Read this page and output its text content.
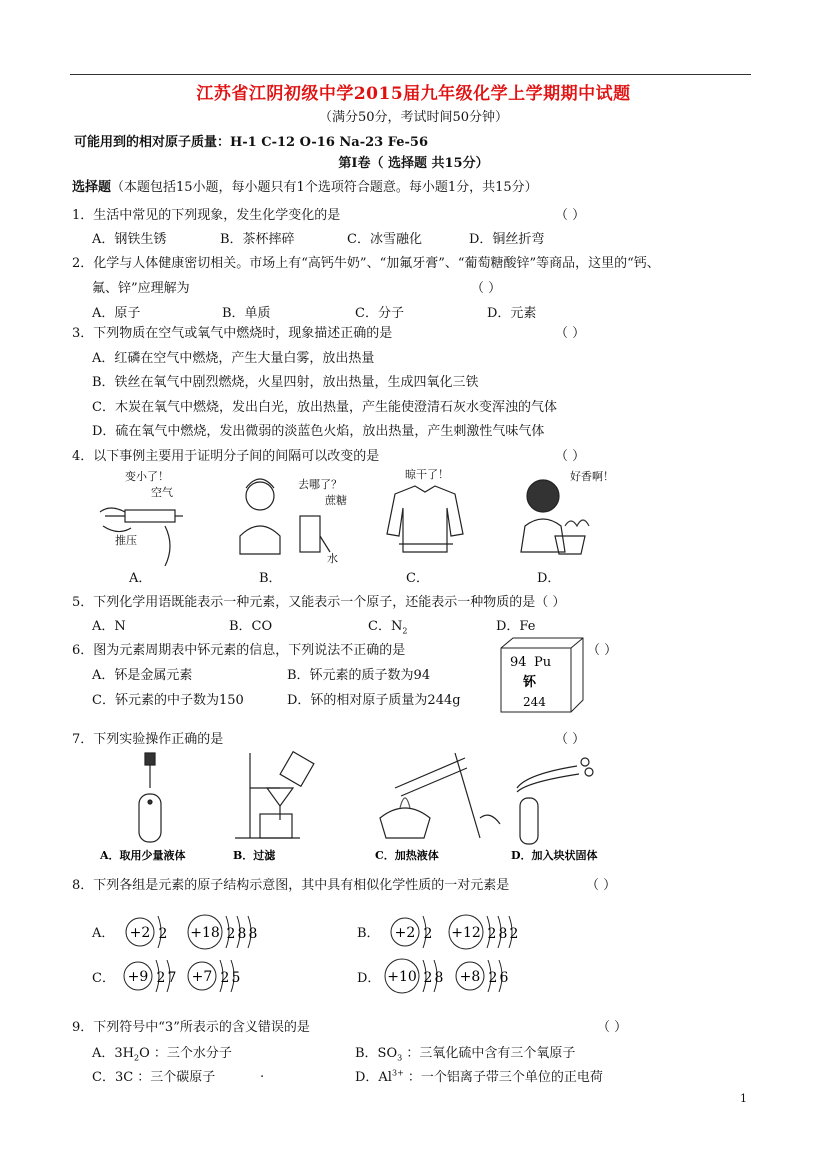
江苏省江阴初级中学2015届九年级化学上学期期中试题
（满分50分，考试时间50分钟）
可能用到的相对原子质量：H-1 C-12 O-16 Na-23 Fe-56
第Ⅰ卷（ 选择题 共15分）
选择题（本题包括15小题，每小题只有1个选项符合题意。每小题1分，共15分）
1．生活中常见的下列现象，发生化学变化的是	（ ）
A．钢铁生锈	B．茶杯摔碎	C．冰雪融化	D．铜丝折弯
2．化学与人体健康密切相关。市场上有“高钙牛奶”、“加氟牙膏”、“葡萄糖酸锌”等商品，这里的“钙、
氟、锌”应理解为	（ ）
A．原子	B．单质	C．分子	D．元素
3．下列物质在空气或氧气中燃烧时，现象描述正确的是	（ ）
A．红磷在空气中燃烧，产生大量白雾，放出热量
B．铁丝在氧气中剧烈燃烧，火星四射，放出热量，生成四氧化三铁
C．木炭在氧气中燃烧，发出白光，放出热量，产生能使澄清石灰水变浑浊的气体
D．硫在氧气中燃烧，发出微弱的淡蓝色火焰，放出热量，产生刺激性气味气体
4．以下事例主要用于证明分子间的间隔可以改变的是	（ ）
变小了！
空气
推压
去哪了？
蔗糖
水
晾干了！	好香啊！
A．	B．	C．	D．
5．下列化学用语既能表示一种元素，又能表示一个原子，还能表示一种物质的是（ ）
A．N	B．CO	C．$N_2$	D．Fe
6．图为元素周期表中钚元素的信息，下列说法不正确的是	（ ）
A．钚是金属元素	B．钚元素的质子数为94
C．钚元素的中子数为150	D．钚的相对原子质量为244g
94 Pu
钚
244
7．下列实验操作正确的是	（ ）
A．取用少量液体	B．过滤	C．加热液体	D．加入块状固体
8．下列各组是元素的原子结构示意图，其中具有相似化学性质的一对元素是	（ ）
A．	B．
C．	D．
+2 2 +18 2 8 8	+2 2 +12 2 8 2
+9 2 7 +7 2 5	+10 2 8 +8 2 6
9．下列符号中“3”所表示的含义错误的是	（ ）
A．$3H_2O$ ：三个水分子	B．$SO_3$ ：三氧化硫中含有三个氧原子
C．3C ：三个碳原子	.	D．$Al^{3+}$ ：一个铝离子带三个单位的正电荷
1
